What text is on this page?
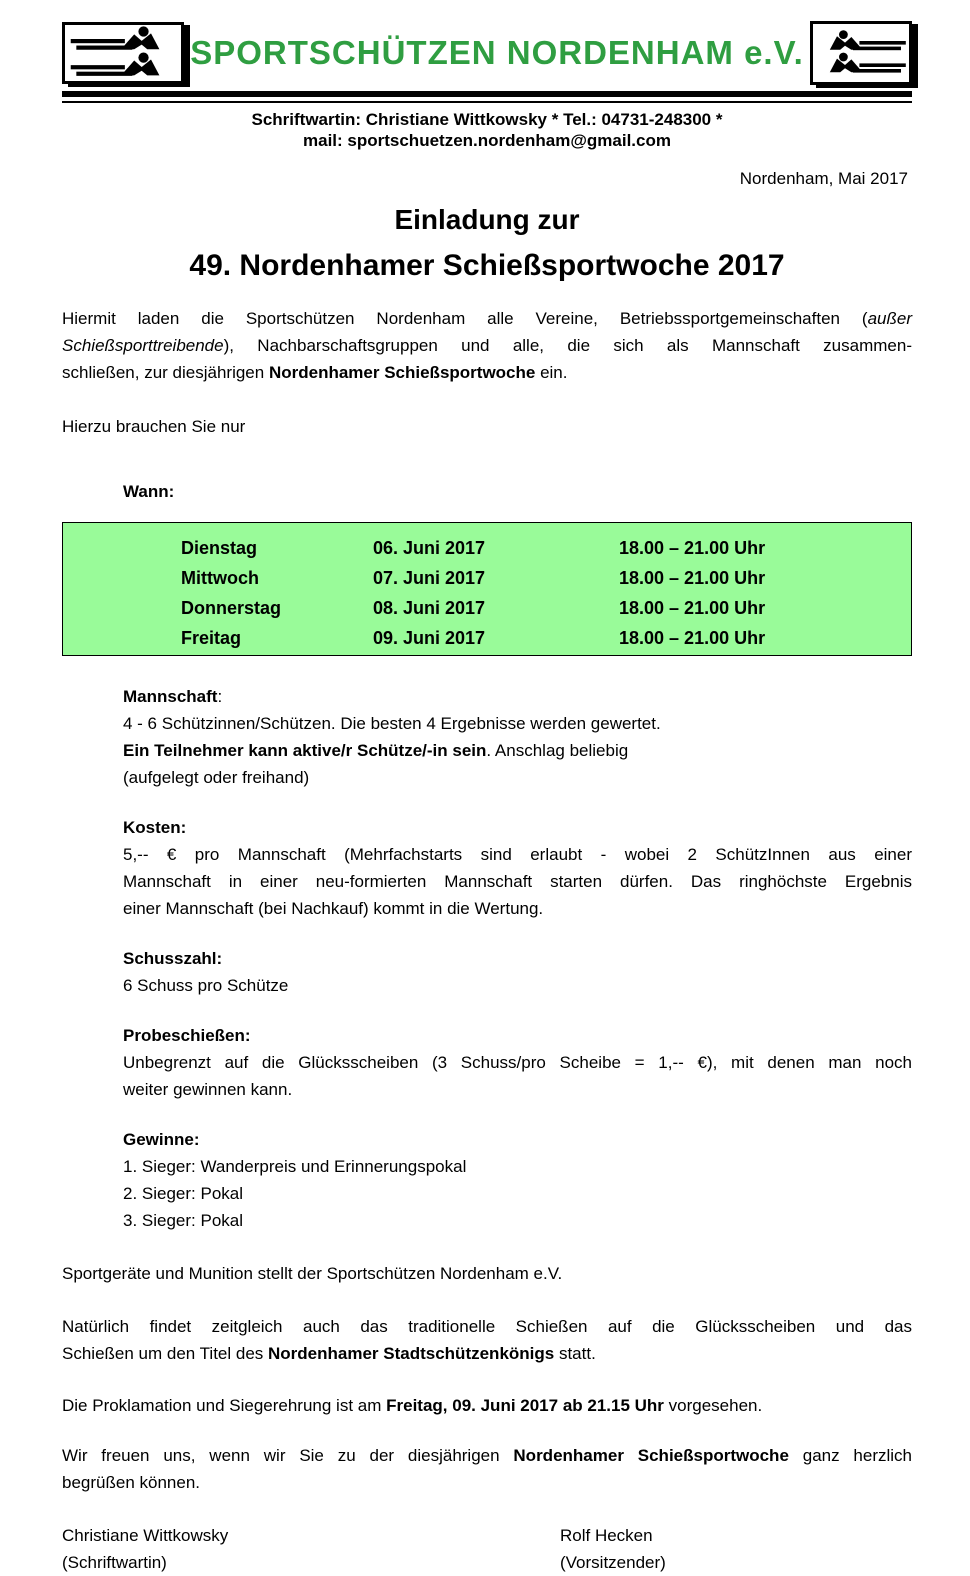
SPORTSCHÜTZEN NORDENHAM e.V.
Schriftwartin: Christiane Wittkowsky * Tel.: 04731-248300 *
mail: sportschuetzen.nordenham@gmail.com
Nordenham, Mai 2017
Einladung zur
49. Nordenhamer Schießsportwoche 2017
Hiermit laden die Sportschützen Nordenham alle Vereine, Betriebssportgemeinschaften (außer
Schießsporttreibende), Nachbarschaftsgruppen und alle, die sich als Mannschaft zusammen-
schließen, zur diesjährigen Nordenhamer Schießsportwoche ein.
Hierzu brauchen Sie nur
Wann:
Dienstag	06. Juni 2017	18.00 – 21.00 Uhr
Mittwoch	07. Juni 2017	18.00 – 21.00 Uhr
Donnerstag	08. Juni 2017	18.00 – 21.00 Uhr
Freitag	09. Juni 2017	18.00 – 21.00 Uhr
Mannschaft:
4 - 6 Schützinnen/Schützen. Die besten 4 Ergebnisse werden gewertet.
Ein Teilnehmer kann aktive/r Schütze/-in sein. Anschlag beliebig
(aufgelegt oder freihand)
Kosten:
5,-- € pro Mannschaft (Mehrfachstarts sind erlaubt - wobei 2 SchützInnen aus einer
Mannschaft in einer neu-formierten Mannschaft starten dürfen. Das ringhöchste Ergebnis
einer Mannschaft (bei Nachkauf) kommt in die Wertung.
Schusszahl:
6 Schuss pro Schütze
Probeschießen:
Unbegrenzt auf die Glücksscheiben (3 Schuss/pro Scheibe = 1,-- €), mit denen man noch
weiter gewinnen kann.
Gewinne:
1. Sieger: Wanderpreis und Erinnerungspokal
2. Sieger: Pokal
3. Sieger: Pokal
Sportgeräte und Munition stellt der Sportschützen Nordenham e.V.
Natürlich findet zeitgleich auch das traditionelle Schießen auf die Glücksscheiben und das
Schießen um den Titel des Nordenhamer Stadtschützenkönigs statt.
Die Proklamation und Siegerehrung ist am Freitag, 09. Juni 2017 ab 21.15 Uhr vorgesehen.
Wir freuen uns, wenn wir Sie zu der diesjährigen Nordenhamer Schießsportwoche ganz herzlich
begrüßen können.
Christiane Wittkowsky
(Schriftwartin)
Rolf Hecken
(Vorsitzender)
